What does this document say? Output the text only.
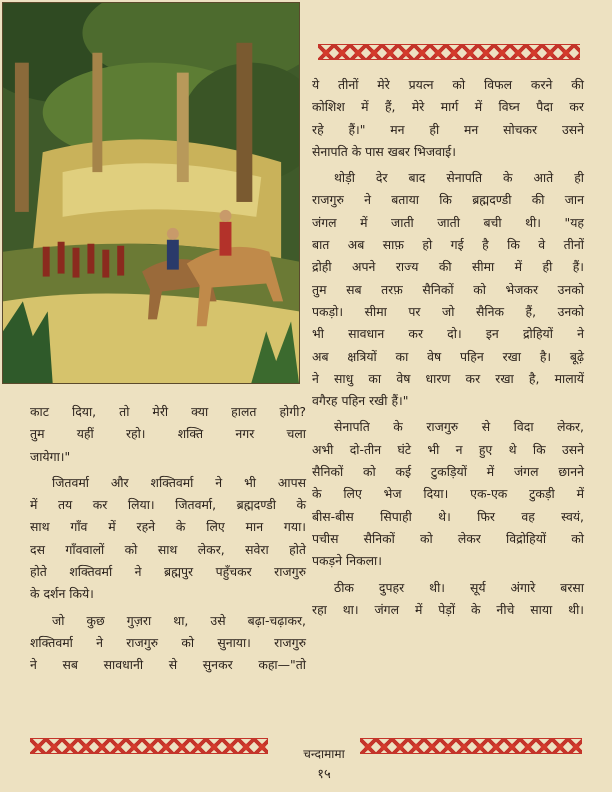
ये तीनों मेरे प्रयत्न को विफल करने की

कोशिश में हैं, मेरे मार्ग में विघ्न पैदा कर

रहे हैं।" मन ही मन सोचकर उसने

सेनापति के पास खबर भिजवाई।

थोड़ी देर बाद सेनापति के आते ही

राजगुरु ने बताया कि ब्रह्मदण्डी की जान

जंगल में जाती जाती बची थी। "यह

बात अब साफ़ हो गई है कि वे तीनों

द्रोही अपने राज्य की सीमा में ही हैं।

तुम सब तरफ़ सैनिकों को भेजकर उनको

पकड़ो। सीमा पर जो सैनिक हैं, उनको

भी सावधान कर दो। इन द्रोहियों ने

अब क्षत्रियों का वेष पहिन रखा है। बूढ़े

ने साधु का वेष धारण कर रखा है, मालायें

वगैरह पहिन रखी हैं।"

सेनापति के राजगुरु से विदा लेकर,

अभी दो-तीन घंटे भी न हुए थे कि उसने

सैनिकों को कई टुकड़ियों में जंगल छानने

के लिए भेज दिया। एक-एक टुकड़ी में

बीस-बीस सिपाही थे। फिर वह स्वयं,

पचीस सैनिकों को लेकर विद्रोहियों को

पकड़ने निकला।

ठीक दुपहर थी। सूर्य अंगारे बरसा

रहा था। जंगल में पेड़ों के नीचे साया थी।

काट दिया, तो मेरी क्या हालत होगी?

तुम यहीं रहो। शक्ति नगर चला

जायेगा।"

जितवर्मा और शक्तिवर्मा ने भी आपस

में तय कर लिया। जितवर्मा, ब्रह्मदण्डी के

साथ गाँव में रहने के लिए मान गया।

दस गाँववालों को साथ लेकर, सवेरा होते

होते शक्तिवर्मा ने ब्रह्मपुर पहुँचकर राजगुरु

के दर्शन किये।

जो कुछ गुज़रा था, उसे बढ़ा-चढ़ाकर,

शक्तिवर्मा ने राजगुरु को सुनाया। राजगुरु

ने सब सावधानी से सुनकर कहा—"तो

चन्दामामा
१५
